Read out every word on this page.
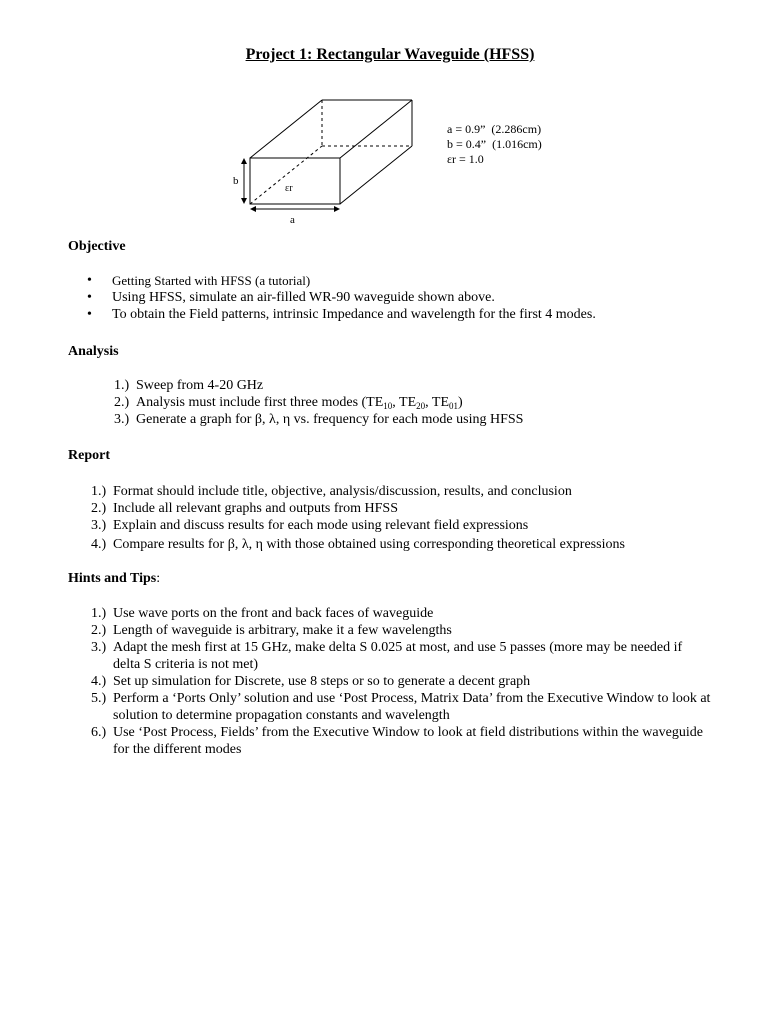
Project 1: Rectangular Waveguide (HFSS)
b
a
εr
a = 0.9”  (2.286cm)
b = 0.4”  (1.016cm)
εr = 1.0
Objective
• Getting Started with HFSS (a tutorial)
• Using HFSS, simulate an air-filled WR-90 waveguide shown above.
• To obtain the Field patterns, intrinsic Impedance and wavelength for the first 4 modes.
Analysis
1.) Sweep from 4-20 GHz
2.) Analysis must include first three modes ($TE_{10}$, $TE_{20}$, $TE_{01}$)
3.) Generate a graph for β, λ, η vs. frequency for each mode using HFSS
Report
1.) Format should include title, objective, analysis/discussion, results, and conclusion
2.) Include all relevant graphs and outputs from HFSS
3.) Explain and discuss results for each mode using relevant field expressions
4.) Compare results for β, λ, η with those obtained using corresponding theoretical expressions
Hints and Tips:
1.) Use wave ports on the front and back faces of waveguide
2.) Length of waveguide is arbitrary, make it a few wavelengths
3.) Adapt the mesh first at 15 GHz, make delta S 0.025 at most, and use 5 passes (more may be needed if delta S criteria is not met)
4.) Set up simulation for Discrete, use 8 steps or so to generate a decent graph
5.) Perform a ‘Ports Only’ solution and use ‘Post Process, Matrix Data’ from the Executive Window to look at solution to determine propagation constants and wavelength
6.) Use ‘Post Process, Fields’ from the Executive Window to look at field distributions within the waveguide for the different modes
